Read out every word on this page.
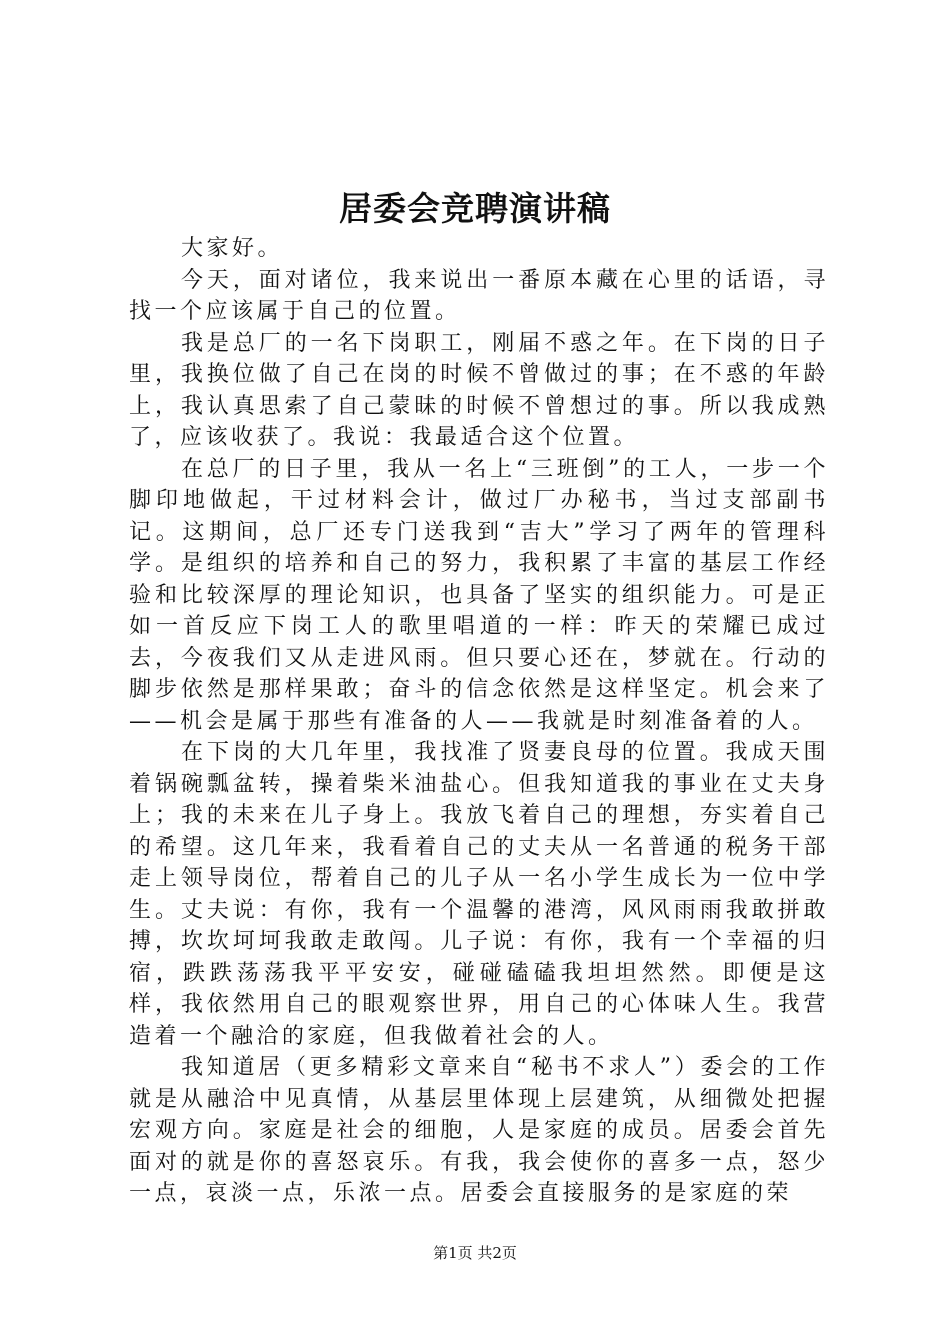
居委会竞聘演讲稿

大家好。

今天，面对诸位，我来说出一番原本藏在心里的话语，寻找一个应该属于自己的位置。

我是总厂的一名下岗职工，刚届不惑之年。在下岗的日子里，我换位做了自己在岗的时候不曾做过的事；在不惑的年龄上，我认真思索了自己蒙昧的时候不曾想过的事。所以我成熟了，应该收获了。我说：我最适合这个位置。

在总厂的日子里，我从一名上“三班倒”的工人，一步一个脚印地做起，干过材料会计，做过厂办秘书，当过支部副书记。这期间，总厂还专门送我到“吉大”学习了两年的管理科学。是组织的培养和自己的努力，我积累了丰富的基层工作经验和比较深厚的理论知识，也具备了坚实的组织能力。可是正如一首反应下岗工人的歌里唱道的一样：昨天的荣耀已成过去，今夜我们又从走进风雨。但只要心还在，梦就在。行动的脚步依然是那样果敢；奋斗的信念依然是这样坚定。机会来了——机会是属于那些有准备的人——我就是时刻准备着的人。

在下岗的大几年里，我找准了贤妻良母的位置。我成天围着锅碗瓢盆转，操着柴米油盐心。但我知道我的事业在丈夫身上；我的未来在儿子身上。我放飞着自己的理想，夯实着自己的希望。这几年来，我看着自己的丈夫从一名普通的税务干部走上领导岗位，帮着自己的儿子从一名小学生成长为一位中学生。丈夫说：有你，我有一个温馨的港湾，风风雨雨我敢拼敢搏，坎坎坷坷我敢走敢闯。儿子说：有你，我有一个幸福的归宿，跌跌荡荡我平平安安，碰碰磕磕我坦坦然然。即便是这样，我依然用自己的眼观察世界，用自己的心体味人生。我营造着一个融洽的家庭，但我做着社会的人。

我知道居（更多精彩文章来自“秘书不求人”）委会的工作就是从融洽中见真情，从基层里体现上层建筑，从细微处把握宏观方向。家庭是社会的细胞，人是家庭的成员。居委会首先面对的就是你的喜怒哀乐。有我，我会使你的喜多一点，怒少一点，哀淡一点，乐浓一点。居委会直接服务的是家庭的荣

第1页 共2页
